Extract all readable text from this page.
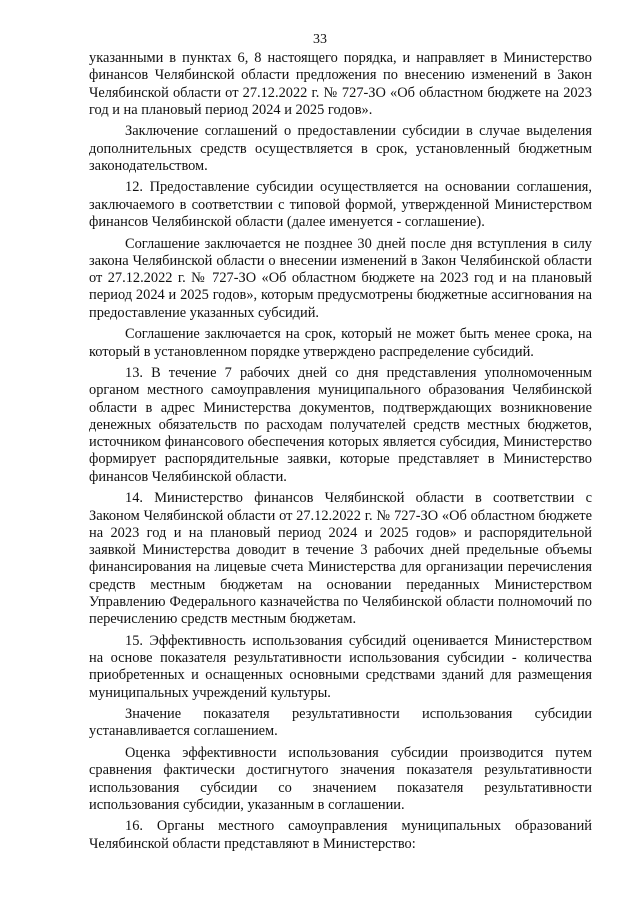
33

указанными в пунктах 6, 8 настоящего порядка, и направляет в Министерство финансов Челябинской области предложения по внесению изменений в Закон Челябинской области от 27.12.2022 г. № 727-ЗО «Об областном бюджете на 2023 год и на плановый период 2024 и 2025 годов».

Заключение соглашений о предоставлении субсидии в случае выделения дополнительных средств осуществляется в срок, установленный бюджетным законодательством.

12. Предоставление субсидии осуществляется на основании соглашения, заключаемого в соответствии с типовой формой, утвержденной Министерством финансов Челябинской области (далее именуется - соглашение).

Соглашение заключается не позднее 30 дней после дня вступления в силу закона Челябинской области о внесении изменений в Закон Челябинской области от 27.12.2022 г. № 727-ЗО «Об областном бюджете на 2023 год и на плановый период 2024 и 2025 годов», которым предусмотрены бюджетные ассигнования на предоставление указанных субсидий.

Соглашение заключается на срок, который не может быть менее срока, на который в установленном порядке утверждено распределение субсидий.

13. В течение 7 рабочих дней со дня представления уполномоченным органом местного самоуправления муниципального образования Челябинской области в адрес Министерства документов, подтверждающих возникновение денежных обязательств по расходам получателей средств местных бюджетов, источником финансового обеспечения которых является субсидия, Министерство формирует распорядительные заявки, которые представляет в Министерство финансов Челябинской области.

14. Министерство финансов Челябинской области в соответствии с Законом Челябинской области от 27.12.2022 г. № 727-ЗО «Об областном бюджете на 2023 год и на плановый период 2024 и 2025 годов» и распорядительной заявкой Министерства доводит в течение 3 рабочих дней предельные объемы финансирования на лицевые счета Министерства для организации перечисления средств местным бюджетам на основании переданных Министерством Управлению Федерального казначейства по Челябинской области полномочий по перечислению средств местным бюджетам.

15. Эффективность использования субсидий оценивается Министерством на основе показателя результативности использования субсидии - количества приобретенных и оснащенных основными средствами зданий для размещения муниципальных учреждений культуры.

Значение показателя результативности использования субсидии устанавливается соглашением.

Оценка эффективности использования субсидии производится путем сравнения фактически достигнутого значения показателя результативности использования субсидии со значением показателя результативности использования субсидии, указанным в соглашении.

16. Органы местного самоуправления муниципальных образований Челябинской области представляют в Министерство:
